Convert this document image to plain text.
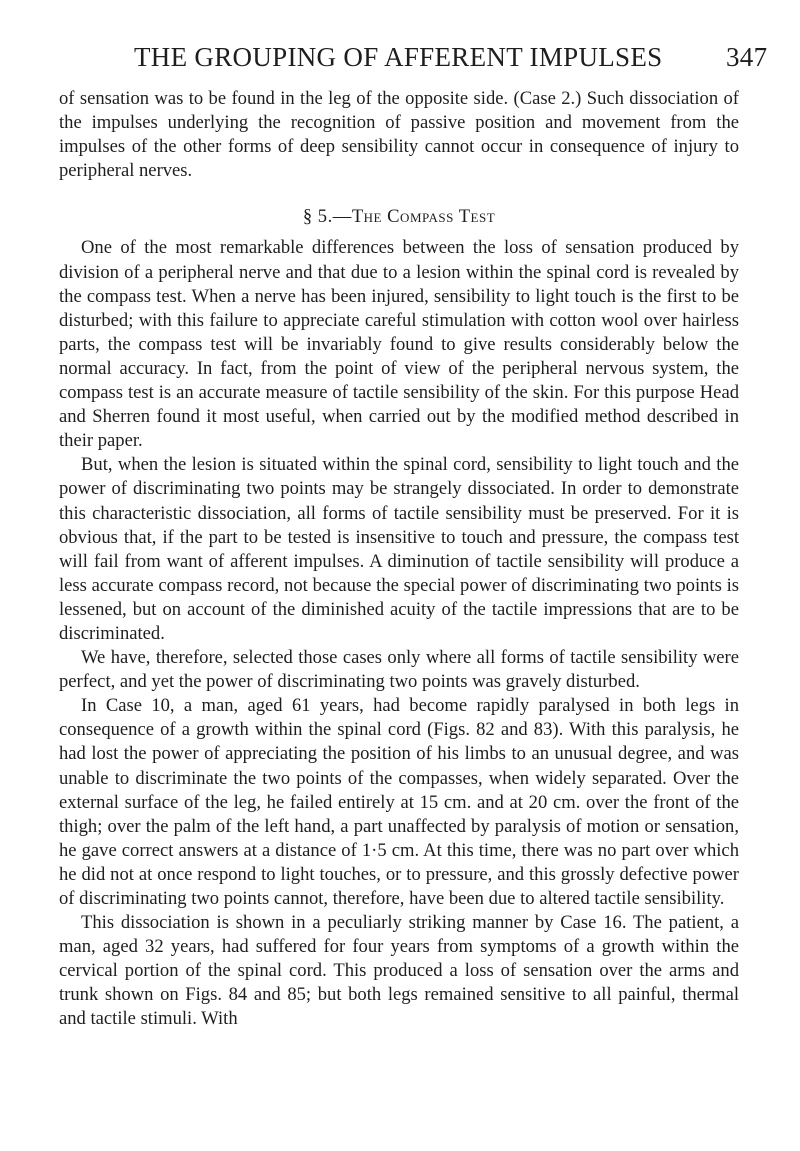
THE GROUPING OF AFFERENT IMPULSES 347

of sensation was to be found in the leg of the opposite side. (Case 2.) Such dissociation of the impulses underlying the recognition of passive position and movement from the impulses of the other forms of deep sensibility cannot occur in consequence of injury to peripheral nerves.

§ 5.—The Compass Test

One of the most remarkable differences between the loss of sensation produced by division of a peripheral nerve and that due to a lesion within the spinal cord is revealed by the compass test. When a nerve has been injured, sensibility to light touch is the first to be disturbed; with this failure to appreciate careful stimulation with cotton wool over hairless parts, the compass test will be invariably found to give results considerably below the normal accuracy. In fact, from the point of view of the peripheral nervous system, the compass test is an accurate measure of tactile sensibility of the skin. For this purpose Head and Sherren found it most useful, when carried out by the modified method described in their paper.

But, when the lesion is situated within the spinal cord, sensibility to light touch and the power of discriminating two points may be strangely dissociated. In order to demonstrate this characteristic dissociation, all forms of tactile sensibility must be preserved. For it is obvious that, if the part to be tested is insensitive to touch and pressure, the compass test will fail from want of afferent impulses. A diminution of tactile sensibility will produce a less accurate compass record, not because the special power of discriminating two points is lessened, but on account of the diminished acuity of the tactile impressions that are to be discriminated.

We have, therefore, selected those cases only where all forms of tactile sensibility were perfect, and yet the power of discriminating two points was gravely disturbed.

In Case 10, a man, aged 61 years, had become rapidly paralysed in both legs in consequence of a growth within the spinal cord (Figs. 82 and 83). With this paralysis, he had lost the power of appreciating the position of his limbs to an unusual degree, and was unable to discriminate the two points of the compasses, when widely separated. Over the external surface of the leg, he failed entirely at 15 cm. and at 20 cm. over the front of the thigh; over the palm of the left hand, a part unaffected by paralysis of motion or sensation, he gave correct answers at a distance of 1·5 cm. At this time, there was no part over which he did not at once respond to light touches, or to pressure, and this grossly defective power of discriminating two points cannot, therefore, have been due to altered tactile sensibility.

This dissociation is shown in a peculiarly striking manner by Case 16. The patient, a man, aged 32 years, had suffered for four years from symptoms of a growth within the cervical portion of the spinal cord. This produced a loss of sensation over the arms and trunk shown on Figs. 84 and 85; but both legs remained sensitive to all painful, thermal and tactile stimuli. With
